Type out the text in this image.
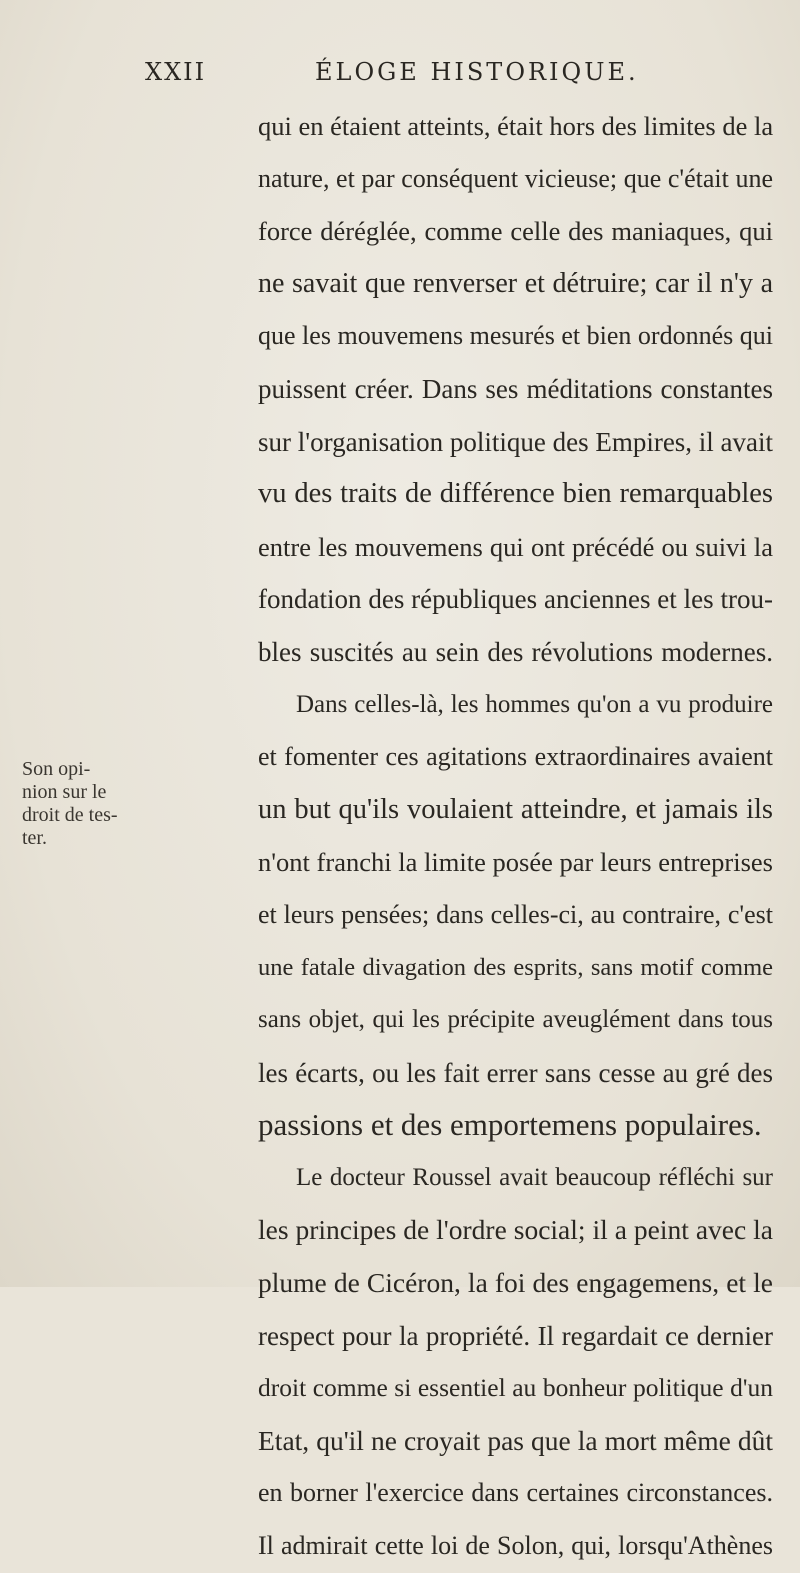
XXII	ÉLOGE HISTORIQUE.
Son opi-
nion sur le
droit de tes-
ter.
qui en étaient atteints, était hors des limites de la
nature, et par conséquent vicieuse; que c'était une
force déréglée, comme celle des maniaques, qui
ne savait que renverser et détruire; car il n'y a
que les mouvemens mesurés et bien ordonnés qui
puissent créer. Dans ses méditations constantes
sur l'organisation politique des Empires, il avait
vu des traits de différence bien remarquables
entre les mouvemens qui ont précédé ou suivi la
fondation des républiques anciennes et les trou-
bles suscités au sein des révolutions modernes.
Dans celles-là, les hommes qu'on a vu produire
et fomenter ces agitations extraordinaires avaient
un but qu'ils voulaient atteindre, et jamais ils
n'ont franchi la limite posée par leurs entreprises
et leurs pensées; dans celles-ci, au contraire, c'est
une fatale divagation des esprits, sans motif comme
sans objet, qui les précipite aveuglément dans tous
les écarts, ou les fait errer sans cesse au gré des
passions et des emportemens populaires.
Le docteur Roussel avait beaucoup réfléchi sur
les principes de l'ordre social; il a peint avec la
plume de Cicéron, la foi des engagemens, et le
respect pour la propriété. Il regardait ce dernier
droit comme si essentiel au bonheur politique d'un
Etat, qu'il ne croyait pas que la mort même dût
en borner l'exercice dans certaines circonstances.
Il admirait cette loi de Solon, qui, lorsqu'Athènes
